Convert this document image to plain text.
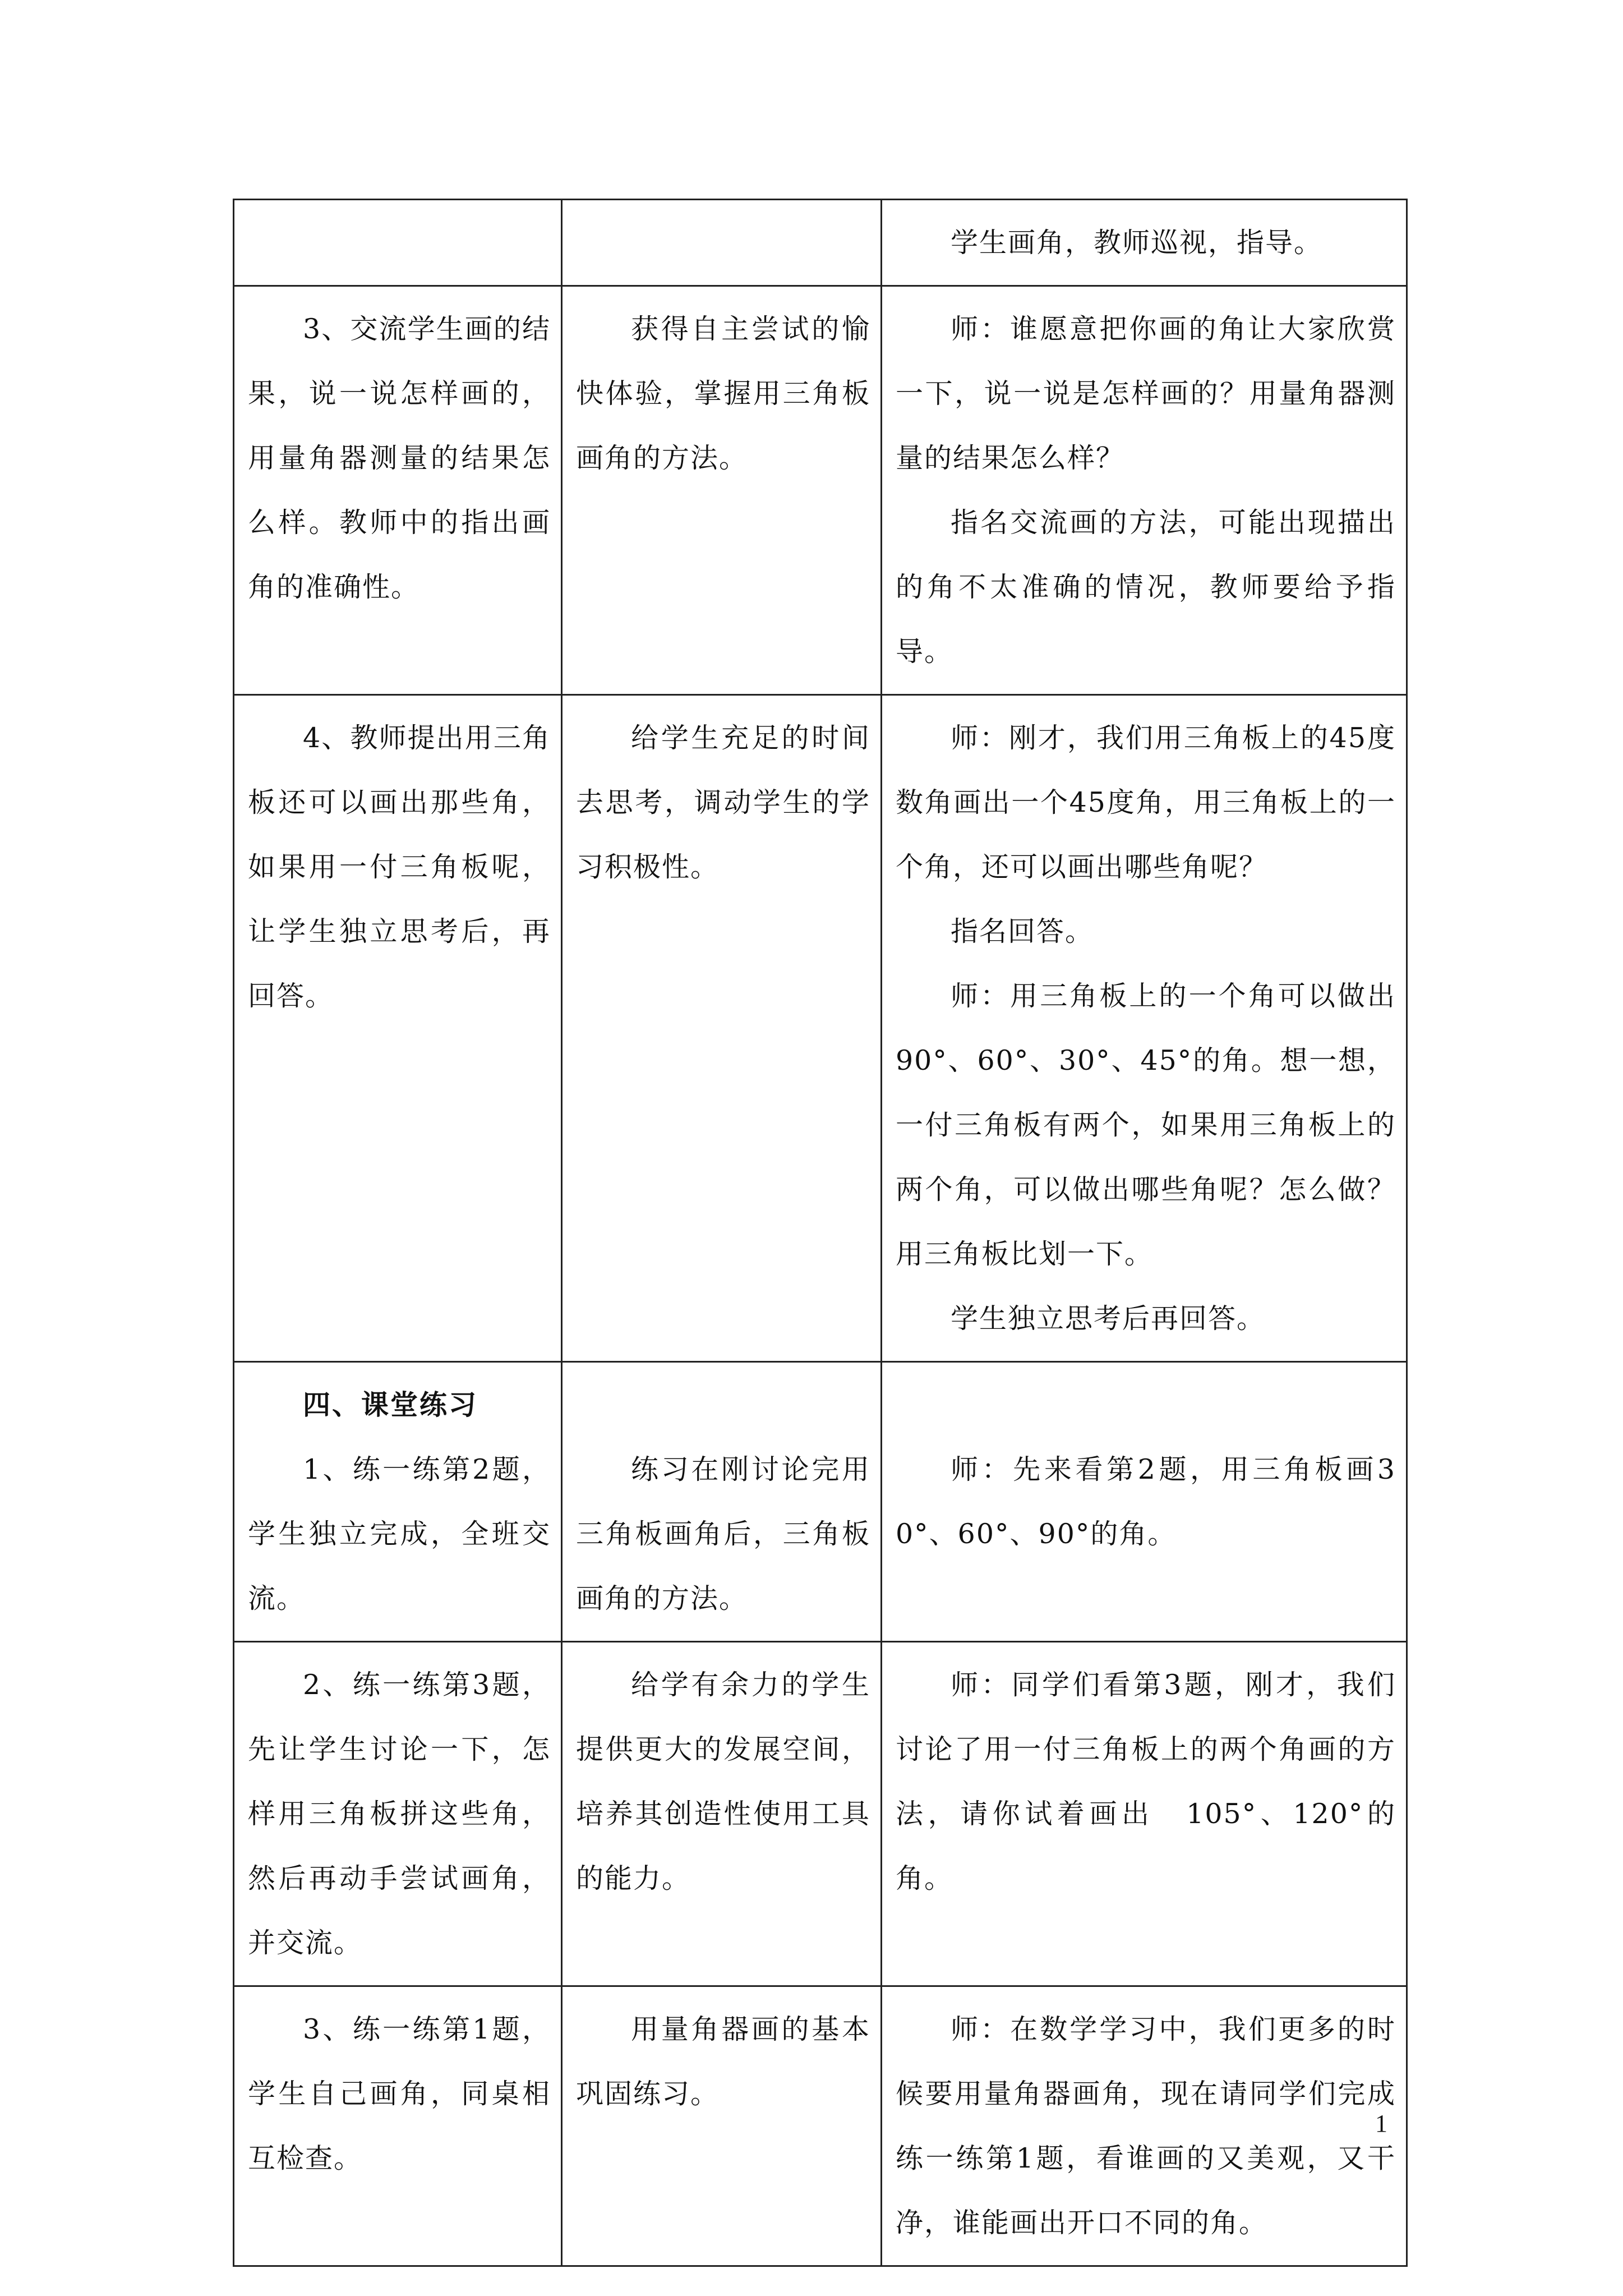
		学生画角，教师巡视，指导。

3、交流学生画的结果，说一说怎样画的，用量角器测量的结果怎么样。教师中的指出画角的准确性。	获得自主尝试的愉快体验，掌握用三角板画角的方法。	师：谁愿意把你画的角让大家欣赏一下，说一说是怎样画的？用量角器测量的结果怎么样？

指名交流画的方法，可能出现描出的角不太准确的情况，教师要给予指导。

4、教师提出用三角板还可以画出那些角，如果用一付三角板呢，让学生独立思考后，再回答。	给学生充足的时间去思考，调动学生的学习积极性。	师：刚才，我们用三角板上的45度数角画出一个45度角，用三角板上的一个角，还可以画出哪些角呢？

指名回答。

师：用三角板上的一个角可以做出90°、60°、30°、45°的角。想一想，一付三角板有两个，如果用三角板上的两个角，可以做出哪些角呢？怎么做？用三角板比划一下。

学生独立思考后再回答。

四、课堂练习

1、练一练第2题，学生独立完成，全班交流。	练习在刚讨论完用三角板画角后，三角板画角的方法。	师：先来看第2题，用三角板画30°、60°、90°的角。

2、练一练第3题，先让学生讨论一下，怎样用三角板拼这些角，然后再动手尝试画角，并交流。	给学有余力的学生提供更大的发展空间，培养其创造性使用工具的能力。	师：同学们看第3题，刚才，我们讨论了用一付三角板上的两个角画的方法，请你试着画出　105°、120°的角。

3、练一练第1题，学生自己画角，同桌相互检查。	用量角器画的基本巩固练习。	师：在数学学习中，我们更多的时候要用量角器画角，现在请同学们完成练一练第1题，看谁画的又美观，又干净，谁能画出开口不同的角。

1
